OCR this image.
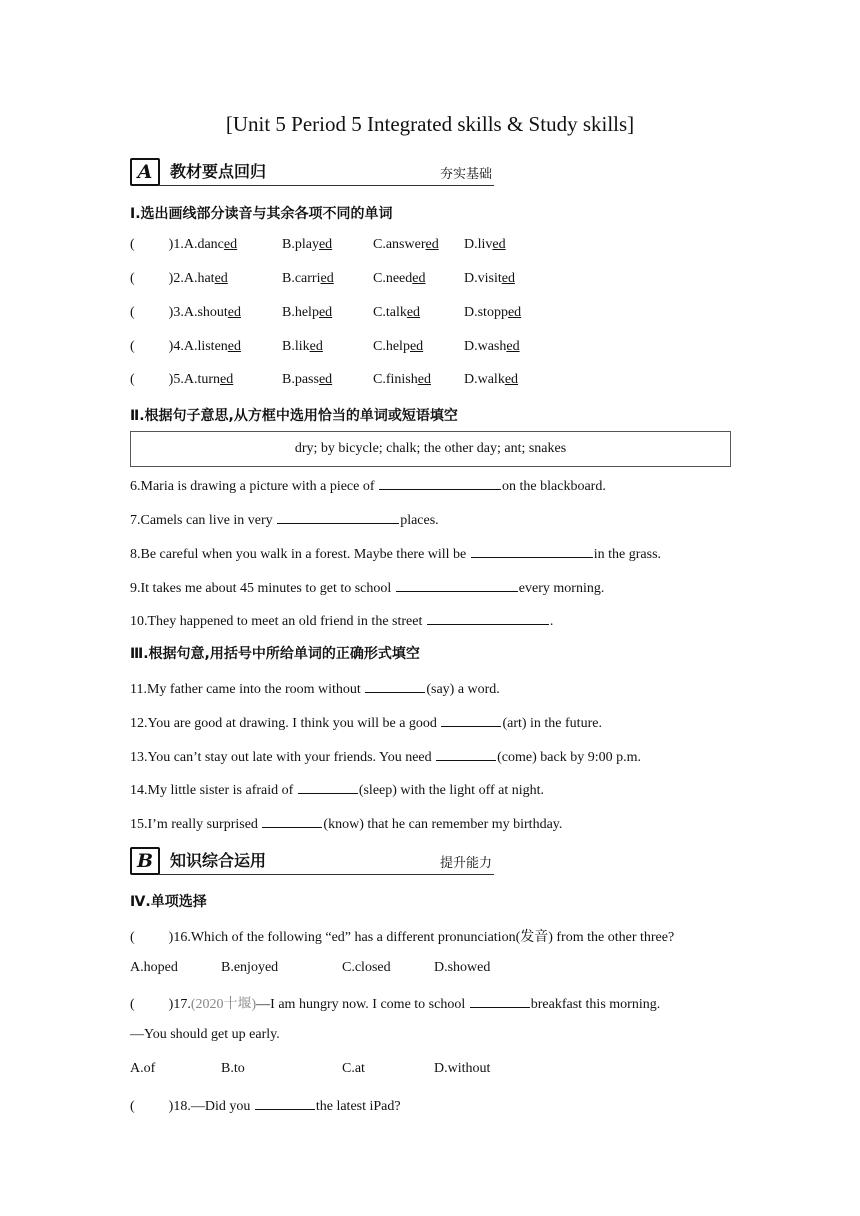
[Unit 5 Period 5 Integrated skills & Study skills]
A	教材要点回归	夯实基础
Ⅰ.选出画线部分读音与其余各项不同的单词
( )1.A.danced	B.played	C.answered D.lived
( )2.A.hated	B.carried	C.needed	D.visited
( )3.A.shouted	B.helped	C.talked	D.stopped
( )4.A.listened	B.liked	C.helped	D.washed
( )5.A.turned	B.passed	C.finished D.walked
Ⅱ.根据句子意思,从方框中选用恰当的单词或短语填空
dry; by bicycle; chalk; the other day; ant; snakes
6.Maria is drawing a picture with a piece of	on the blackboard.
7.Camels can live in very	places.
8.Be careful when you walk in a forest. Maybe there will be	in the grass.
9.It takes me about 45 minutes to get to school	every morning.
10.They happened to meet an old friend in the street	.
Ⅲ.根据句意,用括号中所给单词的正确形式填空
11.My father came into the room without	(say) a word.
12.You are good at drawing. I think you will be a good	(art) in the future.
13.You can’t stay out late with your friends. You need	(come) back by 9:00 p.m.
14.My little sister is afraid of	(sleep) with the light off at night.
15.I’m really surprised	(know) that he can remember my birthday.
B	知识综合运用	提升能力
Ⅳ.单项选择
( )16.Which of the following “ed” has a different pronunciation(发音) from the other three?
A.hoped	B.enjoyed	C.closed	D.showed
( )17.(2020十堰)—I am hungry now. I come to school	breakfast this morning.
—You should get up early.
A.of	B.to	C.at	D.without
( )18.—Did you	the latest iPad?
